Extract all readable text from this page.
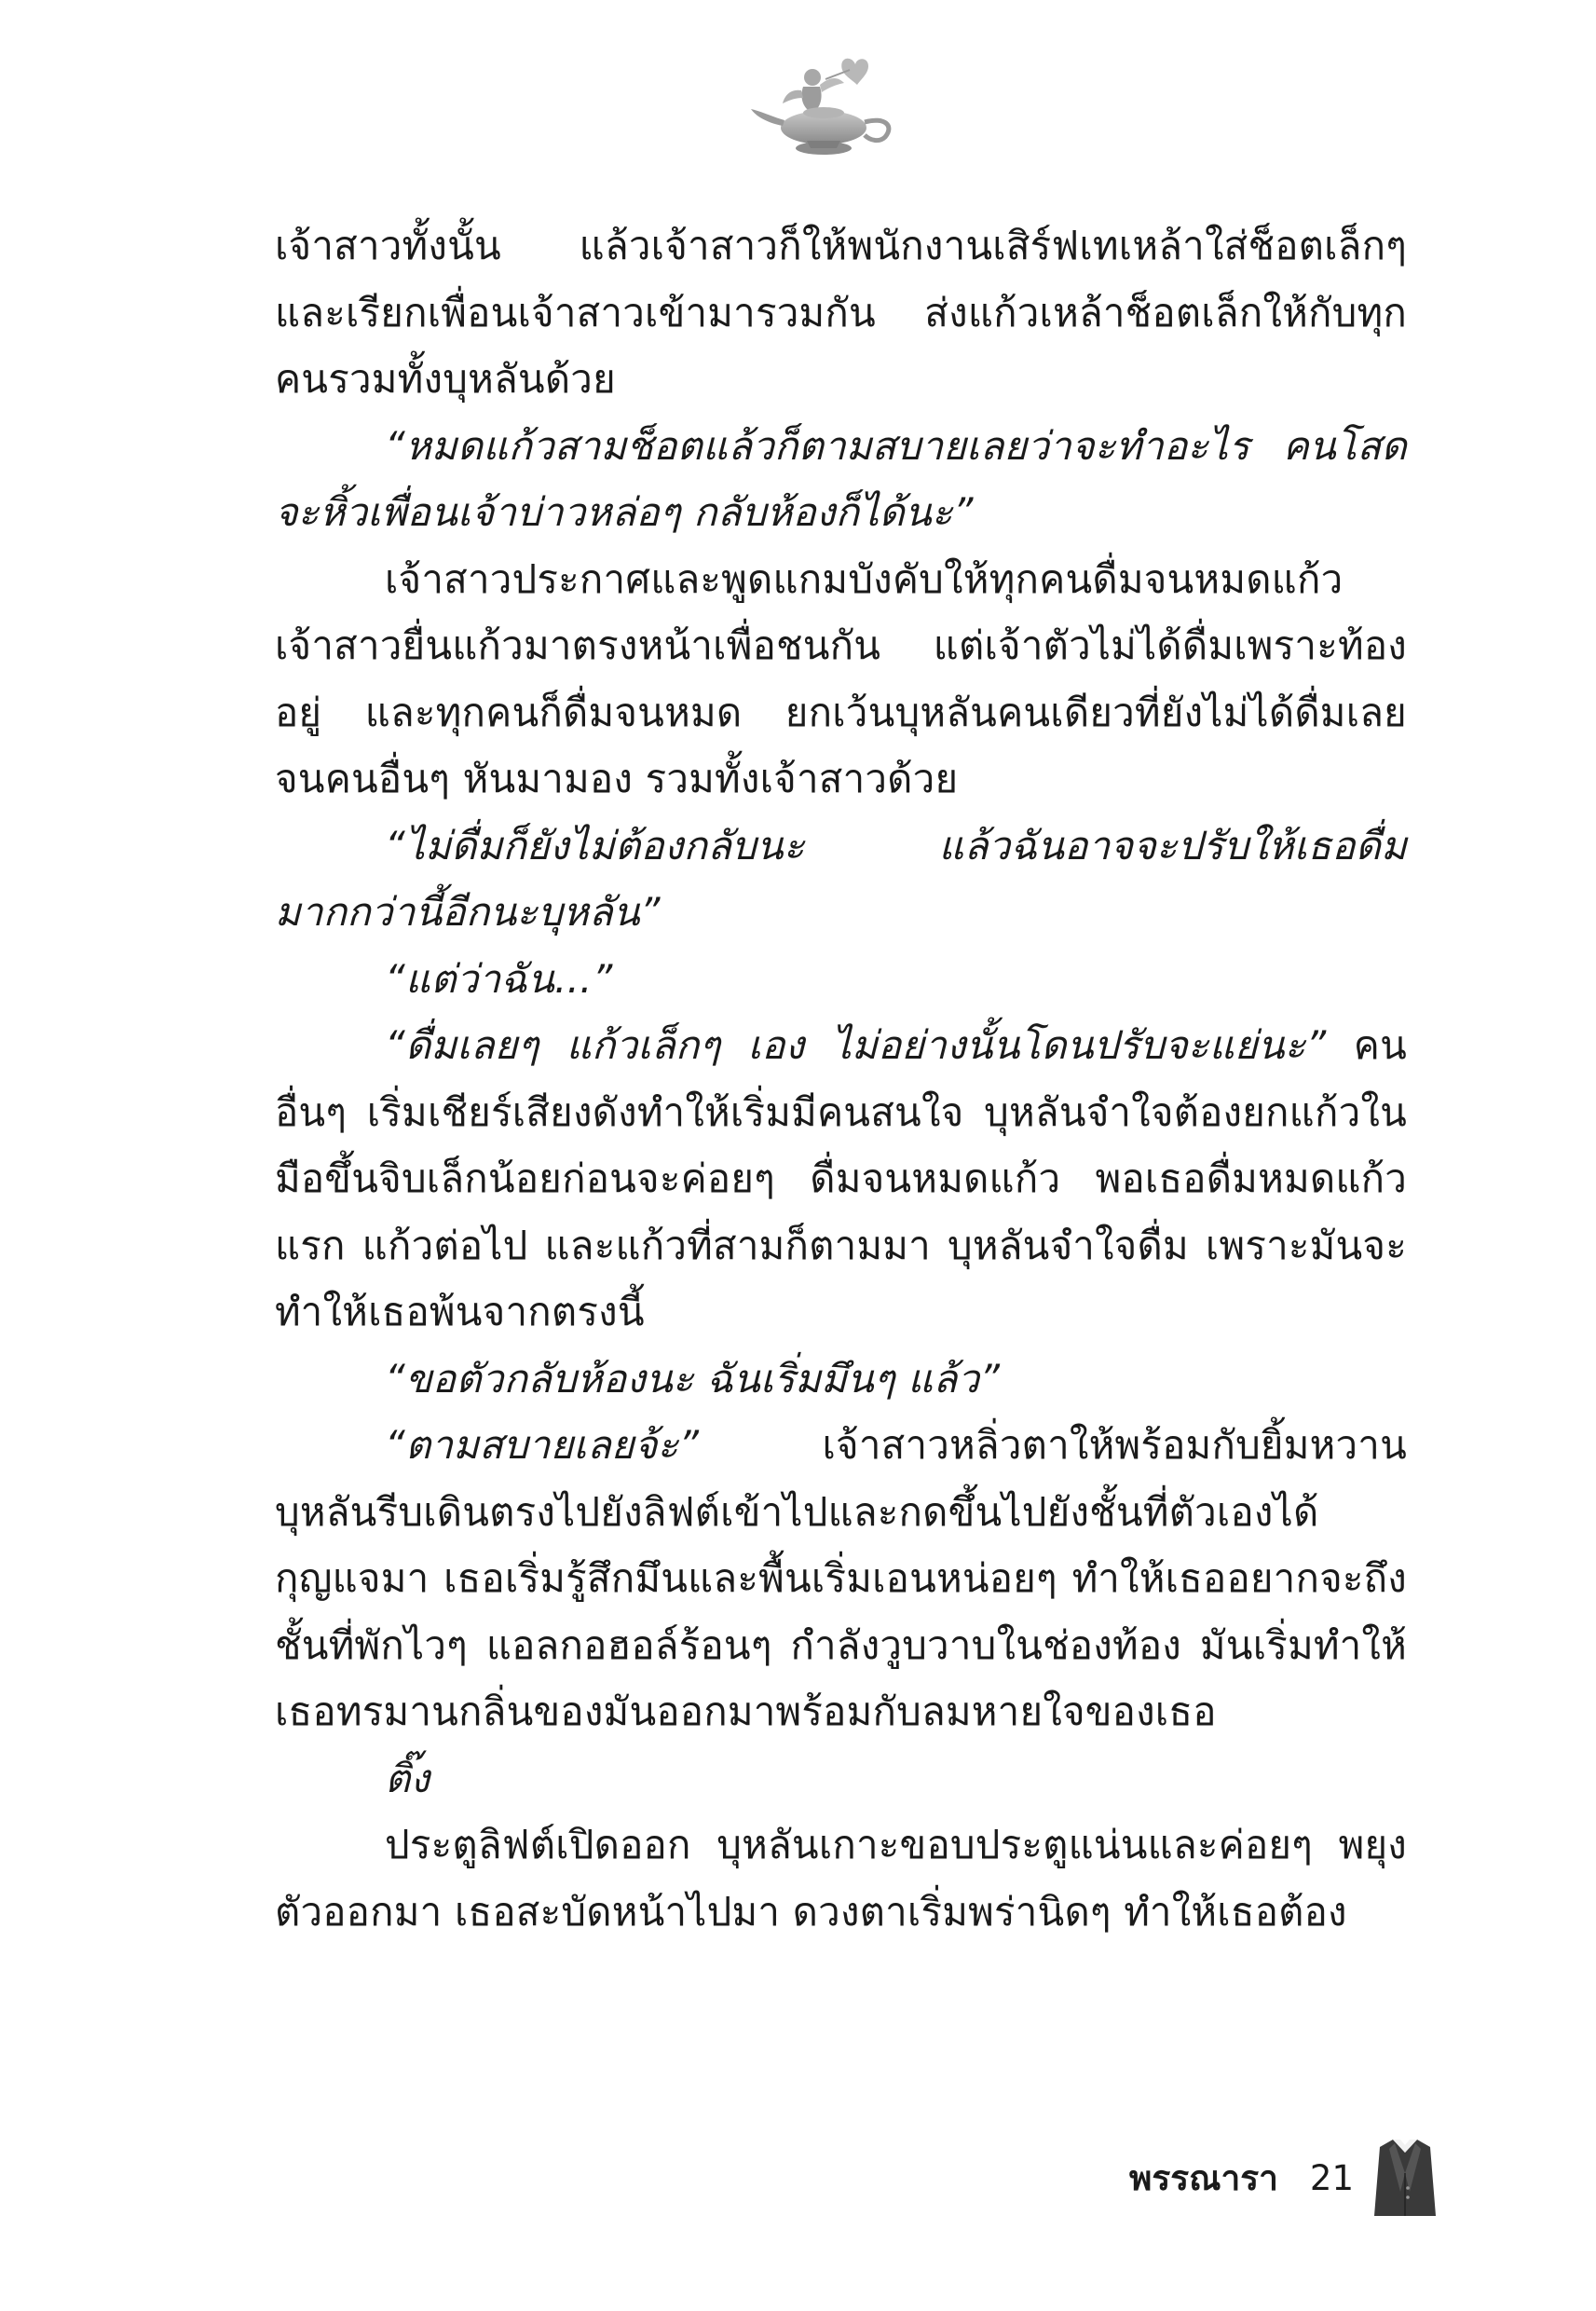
เจ้าสาวทั้งนั้น แล้วเจ้าสาวก็ให้พนักงานเสิร์ฟเทเหล้าใส่ช็อตเล็กๆ และเรียกเพื่อนเจ้าสาวเข้ามารวมกัน ส่งแก้วเหล้าช็อตเล็กให้กับทุกคนรวมทั้งบุหลันด้วย

“หมดแก้วสามช็อตแล้วก็ตามสบายเลยว่าจะทำอะไร คนโสดจะหิ้วเพื่อนเจ้าบ่าวหล่อๆ กลับห้องก็ได้นะ”

เจ้าสาวประกาศและพูดแกมบังคับให้ทุกคนดื่มจนหมดแก้ว เจ้าสาวยื่นแก้วมาตรงหน้าเพื่อชนกัน แต่เจ้าตัวไม่ได้ดื่มเพราะท้องอยู่ และทุกคนก็ดื่มจนหมด ยกเว้นบุหลันคนเดียวที่ยังไม่ได้ดื่มเลย จนคนอื่นๆ หันมามอง รวมทั้งเจ้าสาวด้วย

“ไม่ดื่มก็ยังไม่ต้องกลับนะ แล้วฉันอาจจะปรับให้เธอดื่มมากกว่านี้อีกนะบุหลัน”

“แต่ว่าฉัน...”

“ดื่มเลยๆ แก้วเล็กๆ เอง ไม่อย่างนั้นโดนปรับจะแย่นะ” คนอื่นๆ เริ่มเชียร์เสียงดังทำให้เริ่มมีคนสนใจ บุหลันจำใจต้องยกแก้วในมือขึ้นจิบเล็กน้อยก่อนจะค่อยๆ ดื่มจนหมดแก้ว พอเธอดื่มหมดแก้วแรก แก้วต่อไป และแก้วที่สามก็ตามมา บุหลันจำใจดื่ม เพราะมันจะทำให้เธอพ้นจากตรงนี้

“ขอตัวกลับห้องนะ ฉันเริ่มมึนๆ แล้ว”

“ตามสบายเลยจ้ะ” เจ้าสาวหลิ่วตาให้พร้อมกับยิ้มหวาน บุหลันรีบเดินตรงไปยังลิฟต์เข้าไปและกดขึ้นไปยังชั้นที่ตัวเองได้กุญแจมา เธอเริ่มรู้สึกมึนและพื้นเริ่มเอนหน่อยๆ ทำให้เธออยากจะถึงชั้นที่พักไวๆ แอลกอฮอล์ร้อนๆ กำลังวูบวาบในช่องท้อง มันเริ่มทำให้เธอทรมานกลิ่นของมันออกมาพร้อมกับลมหายใจของเธอ

ติ๊ง

ประตูลิฟต์เปิดออก บุหลันเกาะขอบประตูแน่นและค่อยๆ พยุงตัวออกมา เธอสะบัดหน้าไปมา ดวงตาเริ่มพร่านิดๆ ทำให้เธอต้อง

พรรณารา 21
